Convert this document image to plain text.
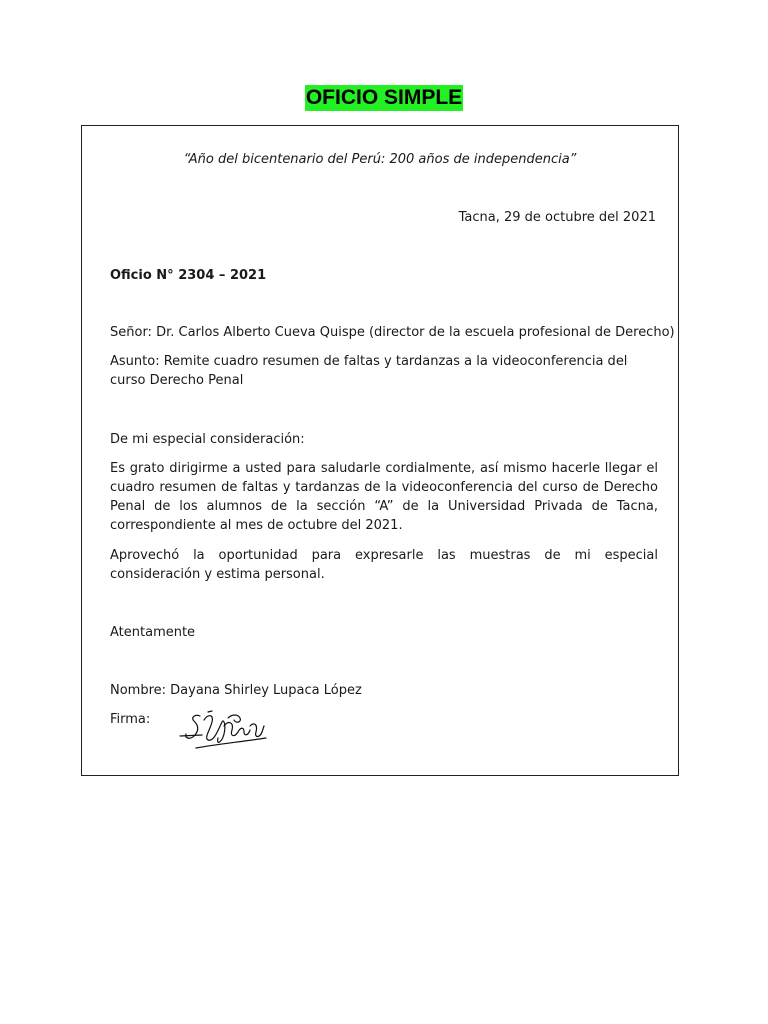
OFICIO SIMPLE
“Año del bicentenario del Perú: 200 años de independencia”
Tacna, 29 de octubre del 2021
Oficio N° 2304 – 2021
Señor: Dr. Carlos Alberto Cueva Quispe (director de la escuela profesional de Derecho)
Asunto: Remite cuadro resumen de faltas y tardanzas a la videoconferencia del curso Derecho Penal
De mi especial consideración:
Es grato dirigirme a usted para saludarle cordialmente, así mismo hacerle llegar el cuadro resumen de faltas y tardanzas de la videoconferencia del curso de Derecho Penal de los alumnos de la sección “A” de la Universidad Privada de Tacna, correspondiente al mes de octubre del 2021.
Aprovechó la oportunidad para expresarle las muestras de mi especial consideración y estima personal.
Atentamente
Nombre: Dayana Shirley Lupaca López
Firma:
